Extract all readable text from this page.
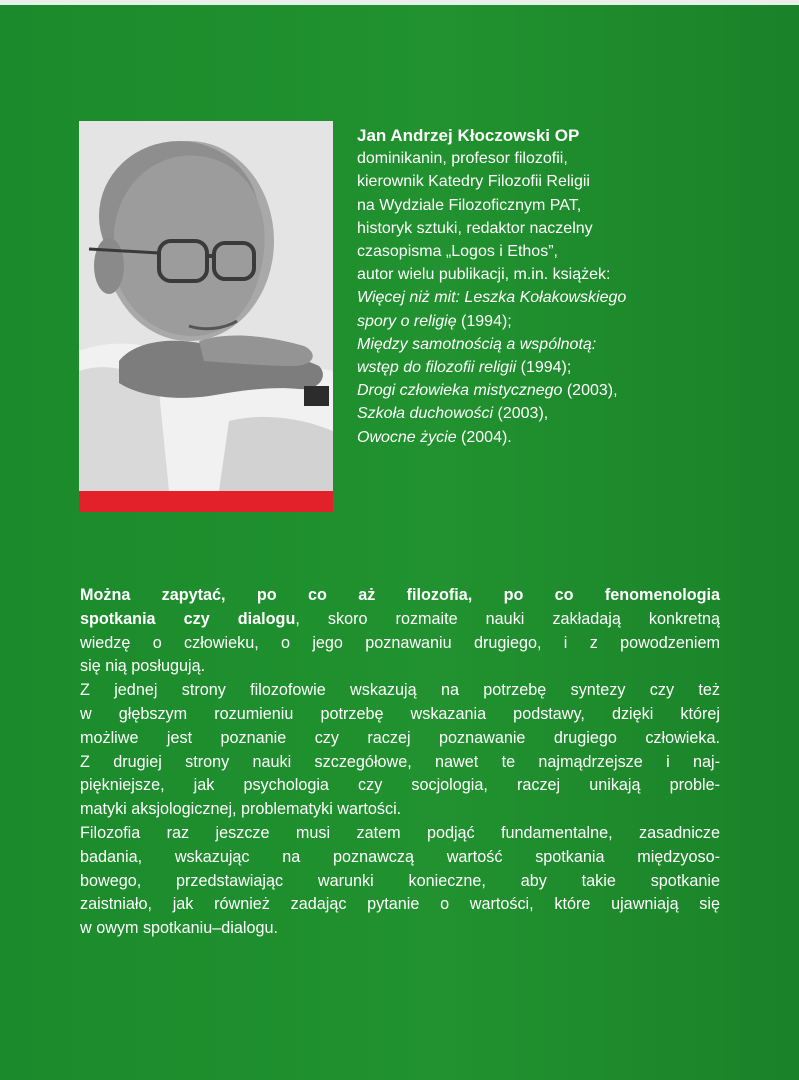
Jan Andrzej Kłoczowski OP
dominikanin, profesor filozofii,
kierownik Katedry Filozofii Religii
na Wydziale Filozoficznym PAT,
historyk sztuki, redaktor naczelny
czasopisma „Logos i Ethos”,
autor wielu publikacji, m.in. książek:
Więcej niż mit: Leszka Kołakowskiego
spory o religię (1994);
Między samotnością a wspólnotą:
wstęp do filozofii religii (1994);
Drogi człowieka mistycznego (2003),
Szkoła duchowości (2003),
Owocne życie (2004).
Można zapytać, po co aż filozofia, po co fenomenologia
spotkania czy dialogu, skoro rozmaite nauki zakładają konkretną
wiedzę o człowieku, o jego poznawaniu drugiego, i z powodzeniem
się nią posługują.
Z jednej strony filozofowie wskazują na potrzebę syntezy czy też
w głębszym rozumieniu potrzebę wskazania podstawy, dzięki której
możliwe jest poznanie czy raczej poznawanie drugiego człowieka.
Z drugiej strony nauki szczegółowe, nawet te najmądrzejsze i naj-
piękniejsze, jak psychologia czy socjologia, raczej unikają proble-
matyki aksjologicznej, problematyki wartości.
Filozofia raz jeszcze musi zatem podjąć fundamentalne, zasadnicze
badania, wskazując na poznawczą wartość spotkania międzyoso-
bowego, przedstawiając warunki konieczne, aby takie spotkanie
zaistniało, jak również zadając pytanie o wartości, które ujawniają się
w owym spotkaniu–dialogu.
